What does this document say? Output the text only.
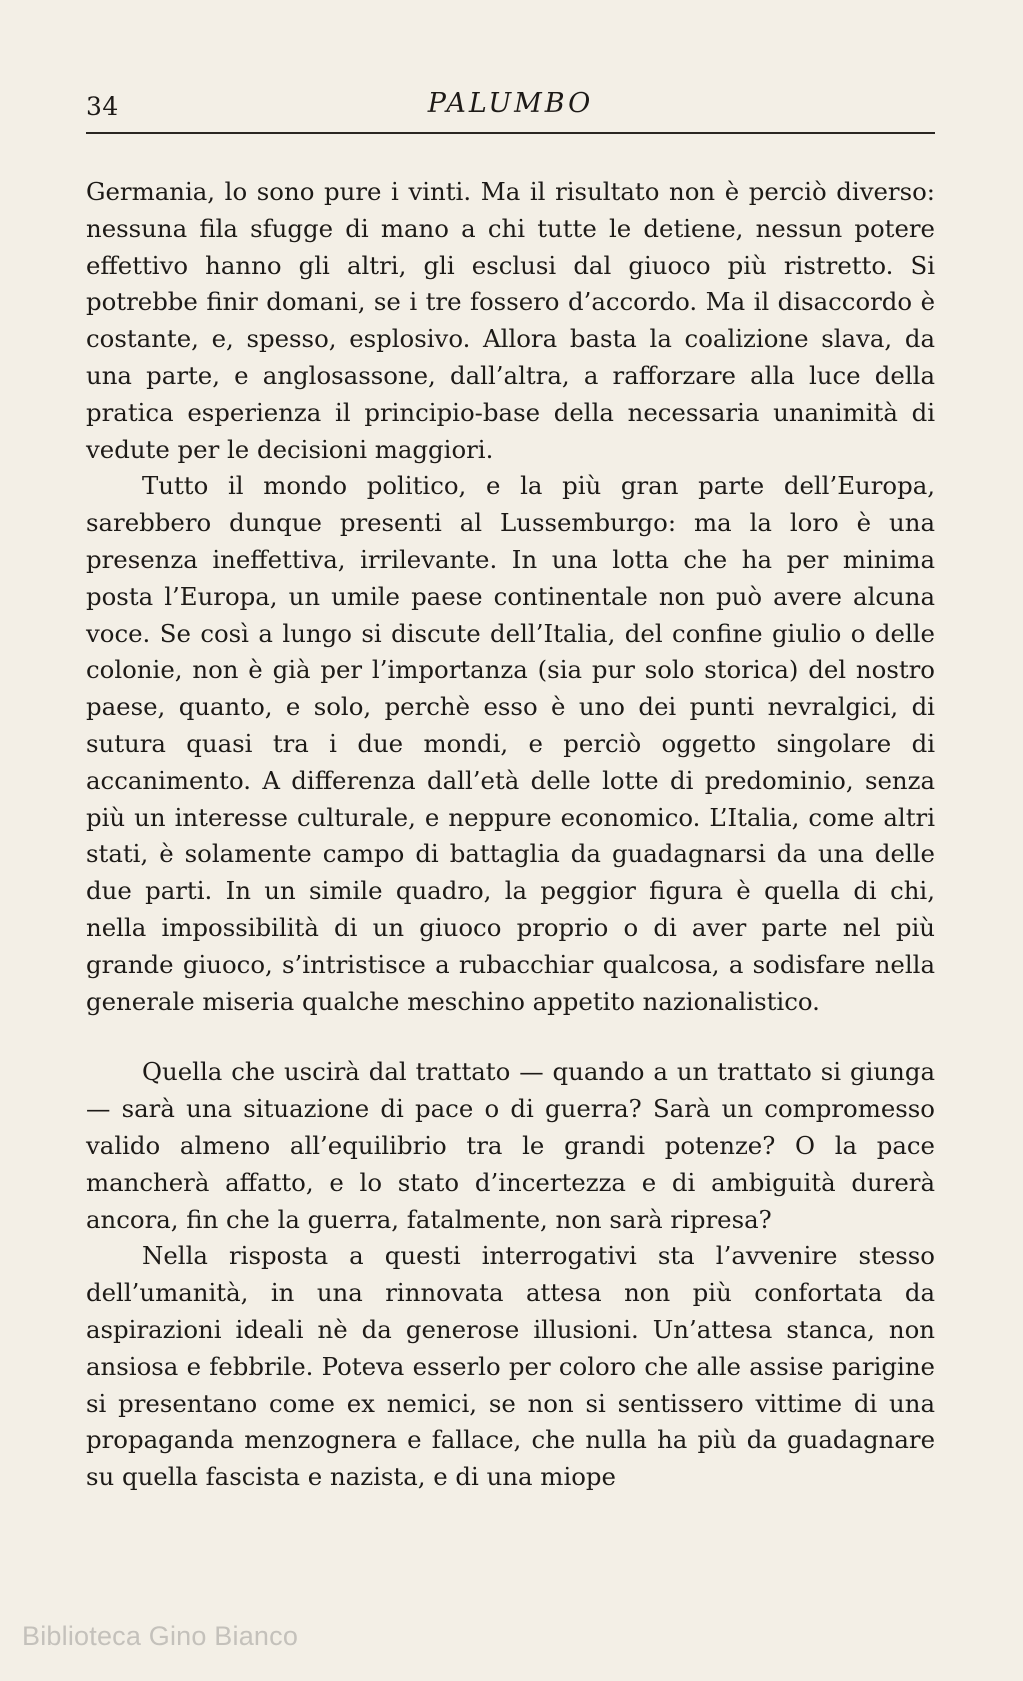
34	PALUMBO

Germania, lo sono pure i vinti. Ma il risultato non è perciò diverso: nessuna fila sfugge di mano a chi tutte le detiene, nessun potere effettivo hanno gli altri, gli esclusi dal giuoco più ristretto. Si potrebbe finir domani, se i tre fossero d’accordo. Ma il disaccordo è costante, e, spesso, esplosivo. Allora basta la coalizione slava, da una parte, e anglosassone, dall’altra, a rafforzare alla luce della pratica esperienza il principio-base della necessaria unanimità di vedute per le decisioni maggiori.

Tutto il mondo politico, e la più gran parte dell’Europa, sarebbero dunque presenti al Lussemburgo: ma la loro è una presenza ineffettiva, irrilevante. In una lotta che ha per minima posta l’Europa, un umile paese continentale non può avere alcuna voce. Se così a lungo si discute dell’Italia, del confine giulio o delle colonie, non è già per l’importanza (sia pur solo storica) del nostro paese, quanto, e solo, perchè esso è uno dei punti nevralgici, di sutura quasi tra i due mondi, e perciò oggetto singolare di accanimento. A differenza dall’età delle lotte di predominio, senza più un interesse culturale, e neppure economico. L’Italia, come altri stati, è solamente campo di battaglia da guadagnarsi da una delle due parti. In un simile quadro, la peggior figura è quella di chi, nella impossibilità di un giuoco proprio o di aver parte nel più grande giuoco, s’intristisce a rubacchiar qualcosa, a sodisfare nella generale miseria qualche meschino appetito nazionalistico.

Quella che uscirà dal trattato — quando a un trattato si giunga — sarà una situazione di pace o di guerra? Sarà un compromesso valido almeno all’equilibrio tra le grandi potenze? O la pace mancherà affatto, e lo stato d’incertezza e di ambiguità durerà ancora, fin che la guerra, fatalmente, non sarà ripresa?

Nella risposta a questi interrogativi sta l’avvenire stesso dell’umanità, in una rinnovata attesa non più confortata da aspirazioni ideali nè da generose illusioni. Un’attesa stanca, non ansiosa e febbrile. Poteva esserlo per coloro che alle assise parigine si presentano come ex nemici, se non si sentissero vittime di una propaganda menzognera e fallace, che nulla ha più da guadagnare su quella fascista e nazista, e di una miope

Biblioteca Gino Bianco
